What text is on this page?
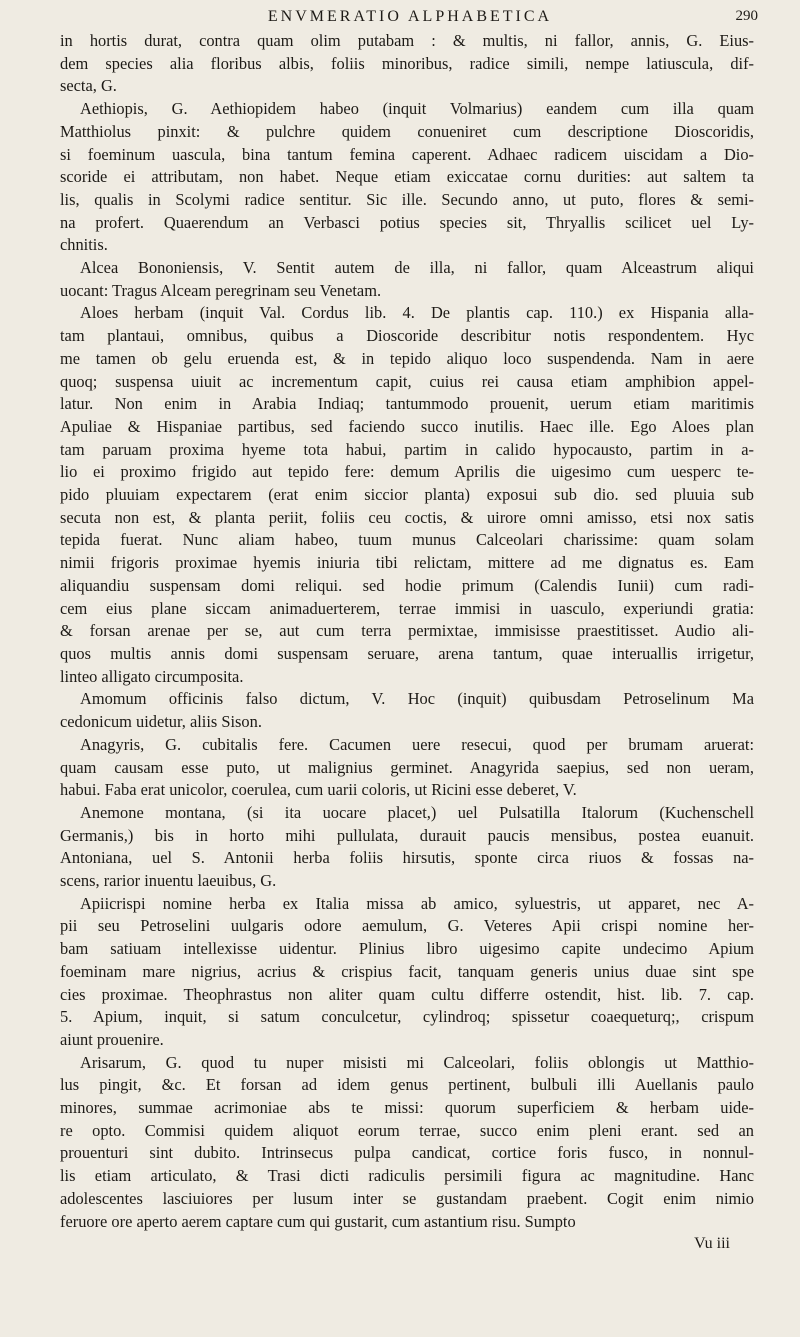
ENVMERATIO ALPHABETICA	290
in hortis durat, contra quam olim putabam : & multis, ni fallor, annis, G. Eius-
dem species alia floribus albis, foliis minoribus, radice simili, nempe latiuscula, dif-
secta, G.
Aethiopis, G. Aethiopidem habeo (inquit Volmarius) eandem cum illa quam
Matthiolus pinxit: & pulchre quidem conueniret cum descriptione Dioscoridis,
si foeminum uascula, bina tantum femina caperent. Adhaec radicem uiscidam a Dio-
scoride ei attributam, non habet. Neque etiam exiccatae cornu durities: aut saltem ta
lis, qualis in Scolymi radice sentitur. Sic ille. Secundo anno, ut puto, flores & semi-
na profert. Quaerendum an Verbasci potius species sit, Thryallis scilicet uel Ly-
chnitis.
Alcea Bononiensis, V. Sentit autem de illa, ni fallor, quam Alceastrum aliqui
uocant: Tragus Alceam peregrinam seu Venetam.
Aloes herbam (inquit Val. Cordus lib. 4. De plantis cap. 110.) ex Hispania alla-
tam plantaui, omnibus, quibus a Dioscoride describitur notis respondentem. Hyc
me tamen ob gelu eruenda est, & in tepido aliquo loco suspendenda. Nam in aere
quoq; suspensa uiuit ac incrementum capit, cuius rei causa etiam amphibion appel-
latur. Non enim in Arabia Indiaq; tantummodo prouenit, uerum etiam maritimis
Apuliae & Hispaniae partibus, sed faciendo succo inutilis. Haec ille. Ego Aloes plan
tam paruam proxima hyeme tota habui, partim in calido hypocausto, partim in a-
lio ei proximo frigido aut tepido fere: demum Aprilis die uigesimo cum uesperc te-
pido pluuiam expectarem (erat enim siccior planta) exposui sub dio. sed pluuia sub
secuta non est, & planta periit, foliis ceu coctis, & uirore omni amisso, etsi nox satis
tepida fuerat. Nunc aliam habeo, tuum munus Calceolari charissime: quam solam
nimii frigoris proximae hyemis iniuria tibi relictam, mittere ad me dignatus es. Eam
aliquandiu suspensam domi reliqui. sed hodie primum (Calendis Iunii) cum radi-
cem eius plane siccam animaduerterem, terrae immisi in uasculo, experiundi gratia:
& forsan arenae per se, aut cum terra permixtae, immisisse praestitisset. Audio ali-
quos multis annis domi suspensam seruare, arena tantum, quae interuallis irrigetur,
linteo alligato circumposita.
Amomum officinis falso dictum, V. Hoc (inquit) quibusdam Petroselinum Ma
cedonicum uidetur, aliis Sison.
Anagyris, G. cubitalis fere. Cacumen uere resecui, quod per brumam aruerat:
quam causam esse puto, ut malignius germinet. Anagyrida saepius, sed non ueram,
habui. Faba erat unicolor, coerulea, cum uarii coloris, ut Ricini esse deberet, V.
Anemone montana, (si ita uocare placet,) uel Pulsatilla Italorum (Kuchenschell
Germanis,) bis in horto mihi pullulata, durauit paucis mensibus, postea euanuit.
Antoniana, uel S. Antonii herba foliis hirsutis, sponte circa riuos & fossas na-
scens, rarior inuentu laeuibus, G.
Apiicrispi nomine herba ex Italia missa ab amico, syluestris, ut apparet, nec A-
pii seu Petroselini uulgaris odore aemulum, G. Veteres Apii crispi nomine her-
bam satiuam intellexisse uidentur. Plinius libro uigesimo capite undecimo Apium
foeminam mare nigrius, acrius & crispius facit, tanquam generis unius duae sint spe
cies proximae. Theophrastus non aliter quam cultu differre ostendit, hist. lib. 7. cap.
5. Apium, inquit, si satum conculcetur, cylindroq; spissetur coaequeturq;, crispum
aiunt prouenire.
Arisarum, G. quod tu nuper misisti mi Calceolari, foliis oblongis ut Matthio-
lus pingit, &c. Et forsan ad idem genus pertinent, bulbuli illi Auellanis paulo
minores, summae acrimoniae abs te missi: quorum superficiem & herbam uide-
re opto. Commisi quidem aliquot eorum terrae, succo enim pleni erant. sed an
prouenturi sint dubito. Intrinsecus pulpa candicat, cortice foris fusco, in nonnul-
lis etiam articulato, & Trasi dicti radiculis persimili figura ac magnitudine. Hanc
adolescentes lasciuiores per lusum inter se gustandam praebent. Cogit enim nimio
feruore ore aperto aerem captare cum qui gustarit, cum astantium risu. Sumpto
Vu iii
